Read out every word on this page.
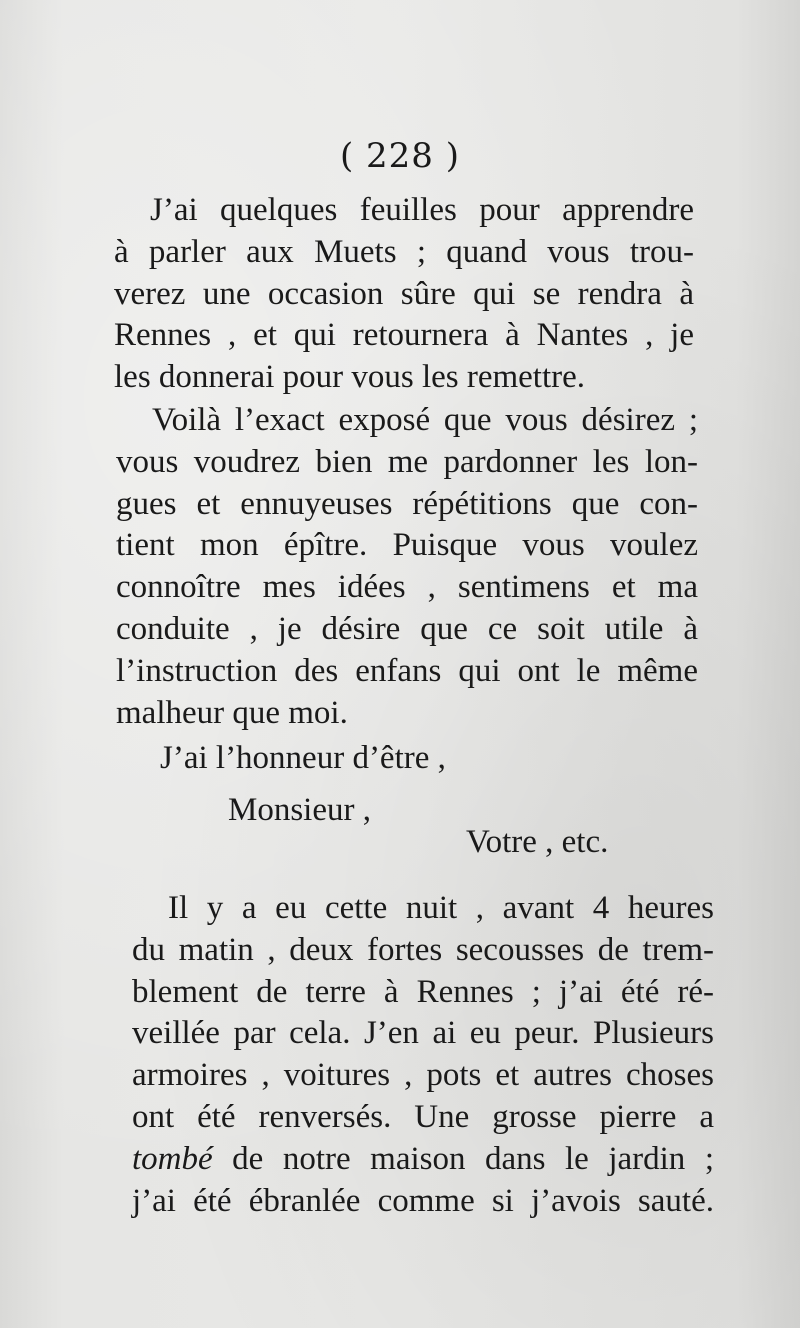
( 228 )
J’ai quelques feuilles pour apprendre
à parler aux Muets ; quand vous trou-
verez une occasion sûre qui se rendra à
Rennes , et qui retournera à Nantes , je
les donnerai pour vous les remettre.
Voilà l’exact exposé que vous désirez ;
vous voudrez bien me pardonner les lon-
gues et ennuyeuses répétitions que con-
tient mon épître. Puisque vous voulez
connoître mes idées , sentimens et ma
conduite , je désire que ce soit utile à
l’instruction des enfans qui ont le même
malheur que moi.
J’ai l’honneur d’être ,
Monsieur ,
Votre , etc.
Il y a eu cette nuit , avant 4 heures
du matin , deux fortes secousses de trem-
blement de terre à Rennes ; j’ai été ré-
veillée par cela. J’en ai eu peur. Plusieurs
armoires , voitures , pots et autres choses
ont été renversés. Une grosse pierre a
tombé de notre maison dans le jardin ;
j’ai été ébranlée comme si j’avois sauté.
